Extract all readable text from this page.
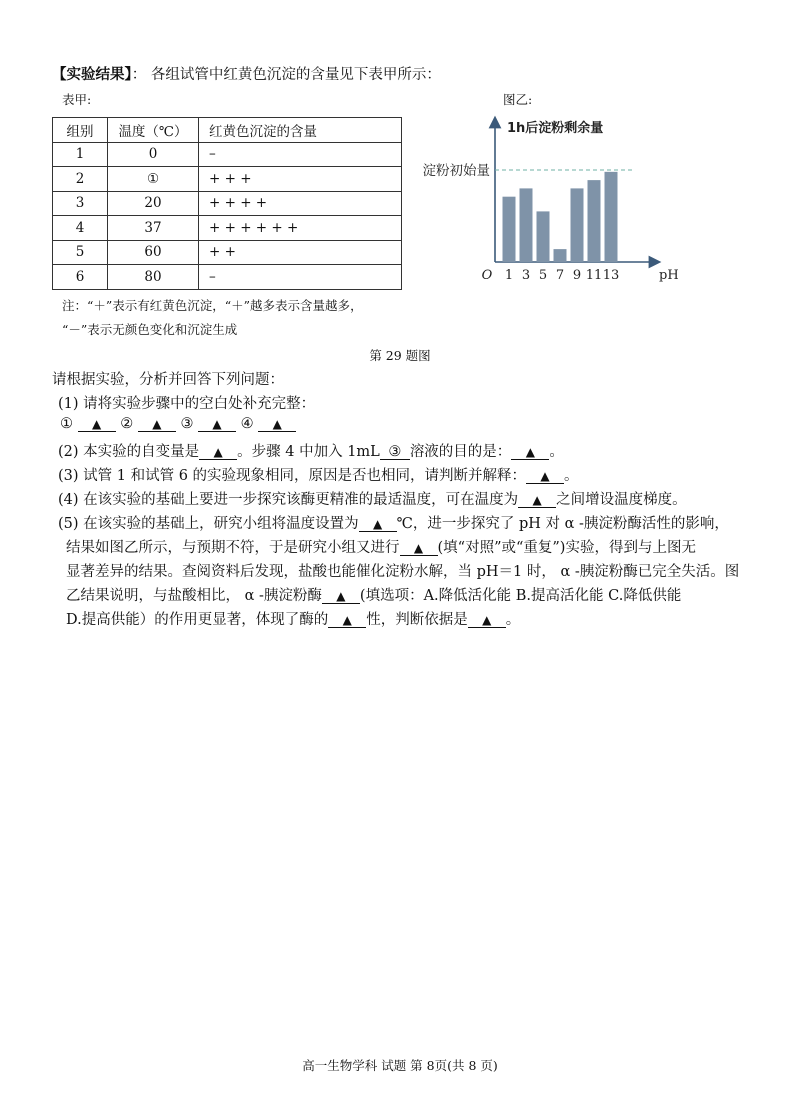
【实验结果】： 各组试管中红黄色沉淀的含量见下表甲所示：
表甲:	图乙:
组别	温度（℃）	红黄色沉淀的含量
1	0	–
2	①	+ + +
3	20	+ + + +
4	37	+ + + + + +
5	60	+ +
6	80	–
注：“＋”表示有红黄色沉淀，“＋”越多表示含量越多，
“－”表示无颜色变化和沉淀生成
1h后淀粉剩余量
淀粉初始量
1 3 5 7 9 11 13
O	pH
第 29 题图
请根据实验，分析并回答下列问题：
(1) 请将实验步骤中的空白处补充完整：
① ▲ ② ▲ ③ ▲ ④ ▲
(2) 本实验的自变量是 ▲ 。步骤 4 中加入 1mL ③ 溶液的目的是： ▲ 。
(3) 试管 1 和试管 6 的实验现象相同，原因是否也相同，请判断并解释： ▲ 。
(4) 在该实验的基础上要进一步探究该酶更精准的最适温度，可在温度为 ▲ 之间增设温度梯度。
(5) 在该实验的基础上，研究小组将温度设置为 ▲ ℃，进一步探究了 pH 对 α -胰淀粉酶活性的影响，
结果如图乙所示，与预期不符，于是研究小组又进行 ▲ (填“对照”或“重复”)实验，得到与上图无
显著差异的结果。查阅资料后发现，盐酸也能催化淀粉水解，当 pH＝1 时， α -胰淀粉酶已完全失活。图
乙结果说明，与盐酸相比， α -胰淀粉酶 ▲ (填选项：A.降低活化能 B.提高活化能 C.降低供能
D.提高供能）的作用更显著，体现了酶的 ▲ 性，判断依据是 ▲ 。
高一生物学科 试题 第 8页(共 8 页)
